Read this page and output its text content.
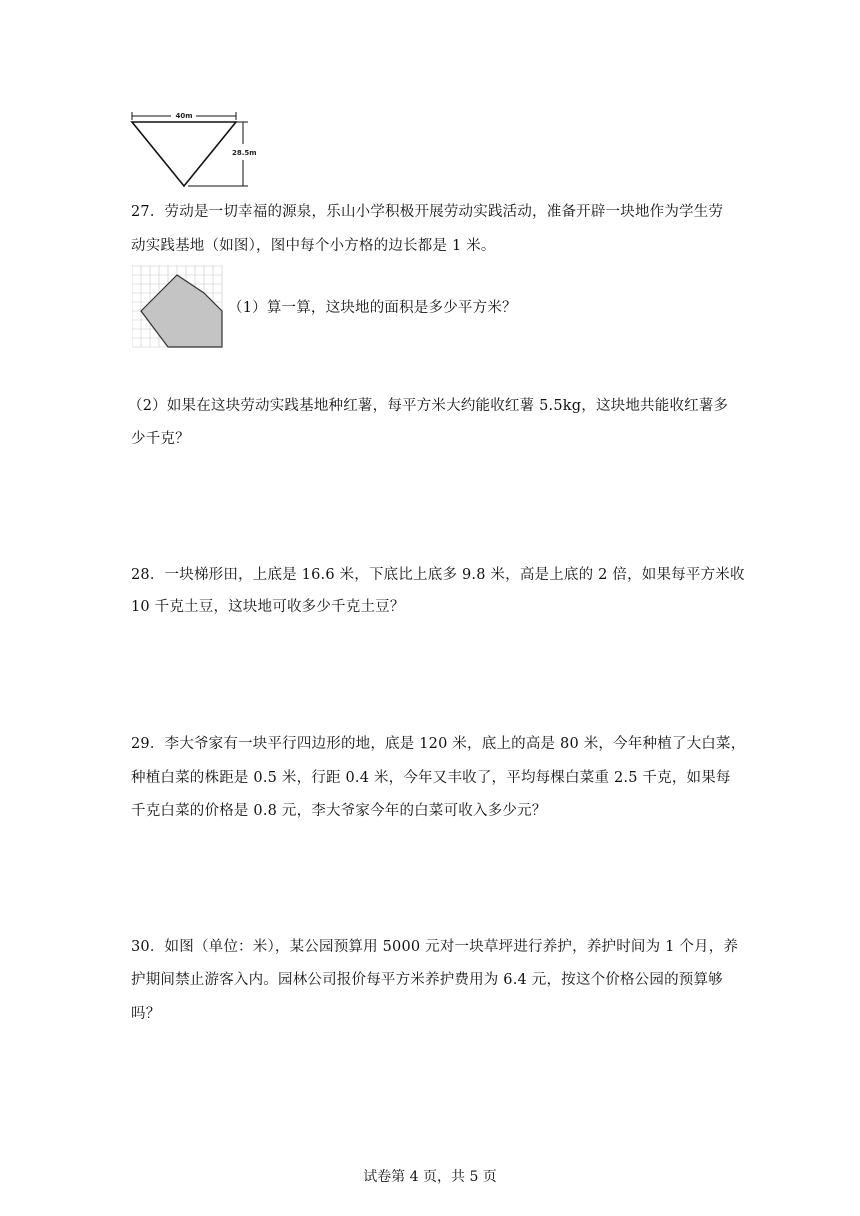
40m
28.5m
27．劳动是一切幸福的源泉，乐山小学积极开展劳动实践活动，准备开辟一块地作为学生劳
动实践基地（如图），图中每个小方格的边长都是 1 米。
（1）算一算，这块地的面积是多少平方米？
（2）如果在这块劳动实践基地种红薯，每平方米大约能收红薯 5.5kg，这块地共能收红薯多
少千克？
28．一块梯形田，上底是 16.6 米，下底比上底多 9.8 米，高是上底的 2 倍，如果每平方米收
10 千克土豆，这块地可收多少千克土豆？
29．李大爷家有一块平行四边形的地，底是 120 米，底上的高是 80 米，今年种植了大白菜，
种植白菜的株距是 0.5 米，行距 0.4 米，今年又丰收了，平均每棵白菜重 2.5 千克，如果每
千克白菜的价格是 0.8 元，李大爷家今年的白菜可收入多少元？
30．如图（单位：米），某公园预算用 5000 元对一块草坪进行养护，养护时间为 1 个月，养
护期间禁止游客入内。园林公司报价每平方米养护费用为 6.4 元，按这个价格公园的预算够
吗？
试卷第 4 页，共 5 页
